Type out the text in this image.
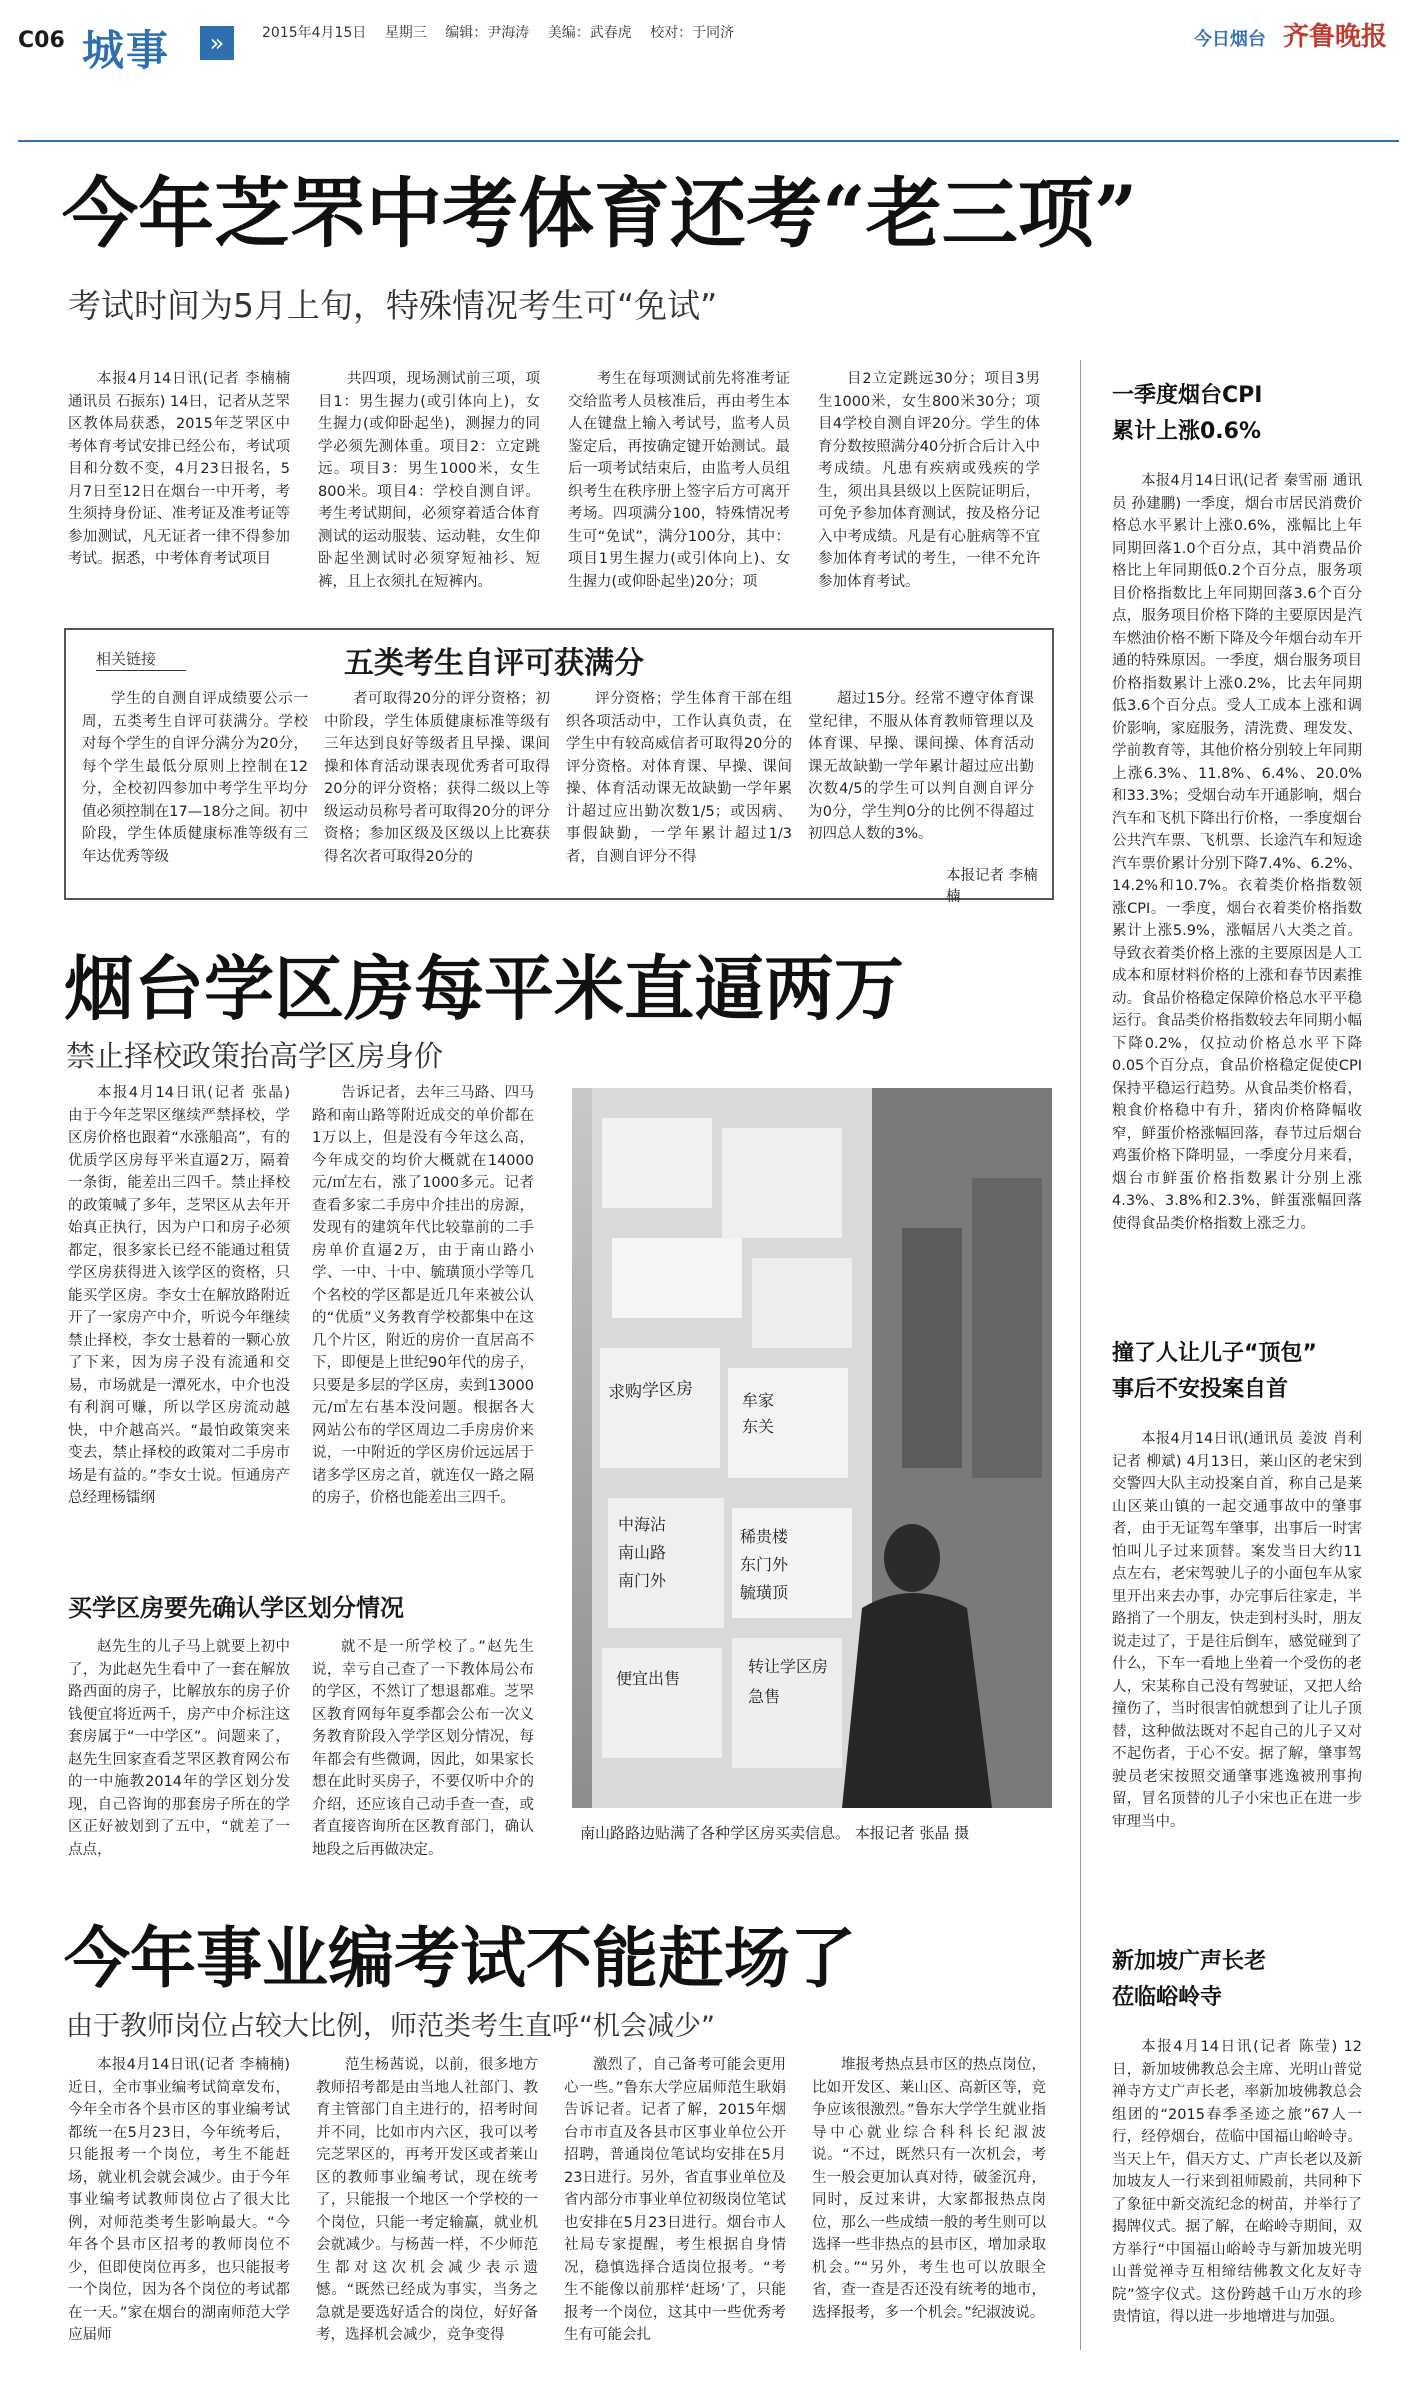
C06 城事	»	2015年4月15日 星期三 编辑：尹海涛 美编：武春虎 校对：于同济	今日烟台 齐鲁晚报
今年芝罘中考体育还考“老三项”
考试时间为5月上旬，特殊情况考生可“免试”

本报4月14日讯(记者 李楠楠 通讯员 石振东) 14日，记者从芝罘区教体局获悉，2015年芝罘区中考体育考试安排已经公布，考试项目和分数不变，4月23日报名，5月7日至12日在烟台一中开考，考生须持身份证、准考证及准考证等参加测试，凡无证者一律不得参加考试。据悉，中考体育考试项目

共四项，现场测试前三项，项目1：男生握力(或引体向上)，女生握力(或仰卧起坐)，测握力的同学必须先测体重。项目2：立定跳远。项目3：男生1000米，女生800米。项目4：学校自测自评。考生考试期间，必须穿着适合体育测试的运动服装、运动鞋，女生仰卧起坐测试时必须穿短袖衫、短裤，且上衣须扎在短裤内。

考生在每项测试前先将准考证交给监考人员核准后，再由考生本人在键盘上输入考试号，监考人员鉴定后，再按确定键开始测试。最后一项考试结束后，由监考人员组织考生在秩序册上签字后方可离开考场。四项满分100，特殊情况考生可“免试”，满分100分，其中：项目1男生握力(或引体向上)、女生握力(或仰卧起坐)20分；项

目2立定跳远30分；项目3男生1000米，女生800米30分；项目4学校自测自评20分。学生的体育分数按照满分40分折合后计入中考成绩。凡患有疾病或残疾的学生，须出具县级以上医院证明后，可免予参加体育测试，按及格分记入中考成绩。凡是有心脏病等不宜参加体育考试的考生，一律不允许参加体育考试。

相关链接	五类考生自评可获满分

学生的自测自评成绩要公示一周，五类考生自评可获满分。学校对每个学生的自评分满分为20分，每个学生最低分原则上控制在12分，全校初四参加中考学生平均分值必须控制在17—18分之间。初中阶段，学生体质健康标准等级有三年达优秀等级

者可取得20分的评分资格；初中阶段，学生体质健康标准等级有三年达到良好等级者且早操、课间操和体育活动课表现优秀者可取得20分的评分资格；获得二级以上等级运动员称号者可取得20分的评分资格；参加区级及区级以上比赛获得名次者可取得20分的

评分资格；学生体育干部在组织各项活动中，工作认真负责，在学生中有较高威信者可取得20分的评分资格。对体育课、早操、课间操、体育活动课无故缺勤一学年累计超过应出勤次数1/5；或因病、事假缺勤，一学年累计超过1/3者，自测自评分不得

超过15分。经常不遵守体育课堂纪律，不服从体育教师管理以及体育课、早操、课间操、体育活动课无故缺勤一学年累计超过应出勤次数4/5的学生可以判自测自评分为0分，学生判0分的比例不得超过初四总人数的3%。

本报记者 李楠楠
一季度烟台CPI
累计上涨0.6%

本报4月14日讯(记者 秦雪丽 通讯员 孙建鹏) 一季度，烟台市居民消费价格总水平累计上涨0.6%，涨幅比上年同期回落1.0个百分点，其中消费品价格比上年同期低0.2个百分点，服务项目价格指数比上年同期回落3.6个百分点，服务项目价格下降的主要原因是汽车燃油价格不断下降及今年烟台动车开通的特殊原因。一季度，烟台服务项目价格指数累计上涨0.2%，比去年同期低3.6个百分点。受人工成本上涨和调价影响，家庭服务，清洗费、理发发、学前教育等，其他价格分别较上年同期上涨6.3%、11.8%、6.4%、20.0%和33.3%；受烟台动车开通影响，烟台汽车和飞机下降出行价格，一季度烟台公共汽车票、飞机票、长途汽车和短途汽车票价累计分别下降7.4%、6.2%、14.2%和10.7%。衣着类价格指数领涨CPI。一季度，烟台衣着类价格指数累计上涨5.9%，涨幅居八大类之首。导致衣着类价格上涨的主要原因是人工成本和原材料价格的上涨和春节因素推动。食品价格稳定保障价格总水平平稳运行。食品类价格指数较去年同期小幅下降0.2%，仅拉动价格总水平下降0.05个百分点，食品价格稳定促使CPI保持平稳运行趋势。从食品类价格看，粮食价格稳中有升，猪肉价格降幅收窄，鲜蛋价格涨幅回落，春节过后烟台鸡蛋价格下降明显，一季度分月来看，烟台市鲜蛋价格指数累计分别上涨4.3%、3.8%和2.3%，鲜蛋涨幅回落使得食品类价格指数上涨乏力。

烟台学区房每平米直逼两万
禁止择校政策抬高学区房身价

本报4月14日讯(记者 张晶) 由于今年芝罘区继续严禁择校，学区房价格也跟着“水涨船高”，有的优质学区房每平米直逼2万，隔着一条街，能差出三四千。禁止择校的政策喊了多年，芝罘区从去年开始真正执行，因为户口和房子必须都定，很多家长已经不能通过租赁学区房获得进入该学区的资格，只能买学区房。李女士在解放路附近开了一家房产中介，听说今年继续禁止择校，李女士悬着的一颗心放了下来，因为房子没有流通和交易，市场就是一潭死水，中介也没有利润可赚，所以学区房流动越快，中介越高兴。“最怕政策突来变去，禁止择校的政策对二手房市场是有益的。”李女士说。恒通房产总经理杨镭纲

告诉记者，去年三马路、四马路和南山路等附近成交的单价都在1万以上，但是没有今年这么高，今年成交的均价大概就在14000元/㎡左右，涨了1000多元。记者查看多家二手房中介挂出的房源，发现有的建筑年代比较靠前的二手房单价直逼2万，由于南山路小学、一中、十中、毓璜顶小学等几个名校的学区都是近几年来被公认的“优质”义务教育学校都集中在这几个片区，附近的房价一直居高不下，即便是上世纪90年代的房子，只要是多层的学区房，卖到13000元/㎡左右基本没问题。根据各大网站公布的学区周边二手房房价来说，一中附近的学区房价远远居于诸多学区房之首，就连仅一路之隔的房子，价格也能差出三四千。

买学区房要先确认学区划分情况

赵先生的儿子马上就要上初中了，为此赵先生看中了一套在解放路西面的房子，比解放东的房子价钱便宜将近两千，房产中介标注这套房属于“一中学区”。问题来了，赵先生回家查看芝罘区教育网公布的一中施教2014年的学区划分发现，自己咨询的那套房子所在的学区正好被划到了五中，“就差了一点点，

就不是一所学校了。”赵先生说，幸亏自己查了一下教体局公布的学区，不然订了想退都难。芝罘区教育网每年夏季都会公布一次义务教育阶段入学学区划分情况，每年都会有些微调，因此，如果家长想在此时买房子，不要仅听中介的介绍，还应该自己动手查一查，或者直接咨询所在区教育部门，确认地段之后再做决定。

求购学区房
中海沾
南山路
南门外
稀贵楼
东门外
毓璜顶
牟家
东关
转让学区房
急售
便宜出售
南山路路边贴满了各种学区房买卖信息。 本报记者 张晶 摄
撞了人让儿子“顶包”
事后不安投案自首

本报4月14日讯(通讯员 姜波 肖利 记者 柳斌) 4月13日，莱山区的老宋到交警四大队主动投案自首，称自己是莱山区莱山镇的一起交通事故中的肇事者，由于无证驾车肇事，出事后一时害怕叫儿子过来顶替。案发当日大约11点左右，老宋驾驶儿子的小面包车从家里开出来去办事，办完事后往家走，半路捎了一个朋友，快走到村头时，朋友说走过了，于是往后倒车，感觉碰到了什么，下车一看地上坐着一个受伤的老人，宋某称自己没有驾驶证，又把人给撞伤了，当时很害怕就想到了让儿子顶替，这种做法既对不起自己的儿子又对不起伤者，于心不安。据了解，肇事驾驶员老宋按照交通肇事逃逸被刑事拘留，冒名顶替的儿子小宋也正在进一步审理当中。

今年事业编考试不能赶场了
由于教师岗位占较大比例，师范类考生直呼“机会减少”

本报4月14日讯(记者 李楠楠) 近日，全市事业编考试简章发布，今年全市各个县市区的事业编考试都统一在5月23日，今年统考后，只能报考一个岗位，考生不能赶场，就业机会就会减少。由于今年事业编考试教师岗位占了很大比例，对师范类考生影响最大。“今年各个县市区招考的教师岗位不少，但即使岗位再多，也只能报考一个岗位，因为各个岗位的考试都在一天。”家在烟台的湖南师范大学应届师

范生杨茜说，以前，很多地方教师招考都是由当地人社部门、教育主管部门自主进行的，招考时间并不同，比如市内六区，我可以考完芝罘区的，再考开发区或者莱山区的教师事业编考试，现在统考了，只能报一个地区一个学校的一个岗位，只能一考定输赢，就业机会就减少。与杨茜一样，不少师范生都对这次机会减少表示遗憾。“既然已经成为事实，当务之急就是要选好适合的岗位，好好备考，选择机会减少，竞争变得

激烈了，自己备考可能会更用心一些。”鲁东大学应届师范生耿娟告诉记者。记者了解，2015年烟台市市直及各县市区事业单位公开招聘，普通岗位笔试均安排在5月23日进行。另外，省直事业单位及省内部分市事业单位初级岗位笔试也安排在5月23日进行。烟台市人社局专家提醒，考生根据自身情况，稳慎选择合适岗位报考。“考生不能像以前那样‘赶场’了，只能报考一个岗位，这其中一些优秀考生有可能会扎

堆报考热点县市区的热点岗位，比如开发区、莱山区、高新区等，竞争应该很激烈。”鲁东大学学生就业指导中心就业综合科科长纪淑波说。“不过，既然只有一次机会，考生一般会更加认真对待，破釜沉舟，同时，反过来讲，大家都报热点岗位，那么一些成绩一般的考生则可以选择一些非热点的县市区，增加录取机会。”“另外，考生也可以放眼全省，查一查是否还没有统考的地市，选择报考，多一个机会。”纪淑波说。

新加坡广声长老
莅临峪岭寺

本报4月14日讯(记者 陈莹) 12日，新加坡佛教总会主席、光明山普觉禅寺方丈广声长老，率新加坡佛教总会组团的“2015春季圣迹之旅”67人一行，经停烟台，莅临中国福山峪岭寺。当天上午，倡天方丈、广声长老以及新加坡友人一行来到祖师殿前，共同种下了象征中新交流纪念的树苗，并举行了揭牌仪式。据了解，在峪岭寺期间，双方举行“中国福山峪岭寺与新加坡光明山普觉禅寺互相缔结佛教文化友好寺院”签字仪式。这份跨越千山万水的珍贵情谊，得以进一步地增进与加强。
